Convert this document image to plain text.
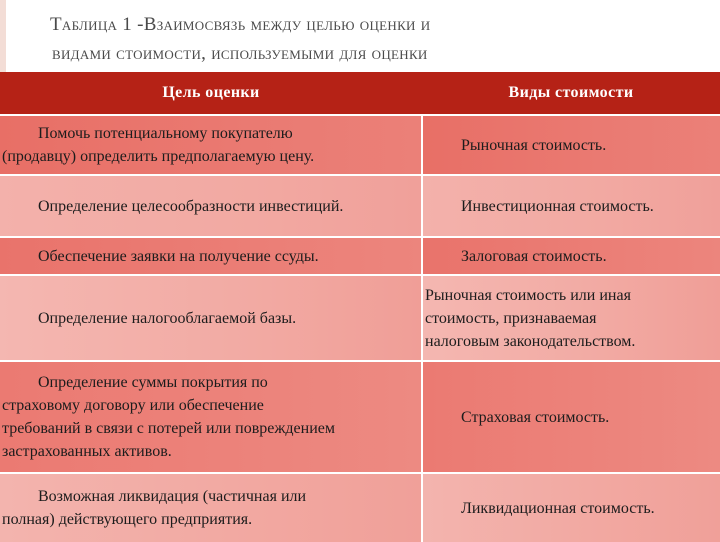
Таблица 1 -Взаимосвязь между целью оценки и
видами стоимости, используемыми для оценки
Цель оценки	Виды стоимости

Помочь потенциальному покупателю
(продавцу) определить предполагаемую цену.	Рыночная стоимость.

Определение целесообразности инвестиций.	Инвестиционная стоимость.

Обеспечение заявки на получение ссуды.	Залоговая стоимость.

Определение налогооблагаемой базы.	Рыночная стоимость или иная
стоимость, признаваемая
налоговым законодательством.

Определение суммы покрытия по
страховому договору или обеспечение
требований в связи с потерей или повреждением
застрахованных активов.	Страховая стоимость.

Возможная ликвидация (частичная или
полная) действующего предприятия.	Ликвидационная стоимость.
